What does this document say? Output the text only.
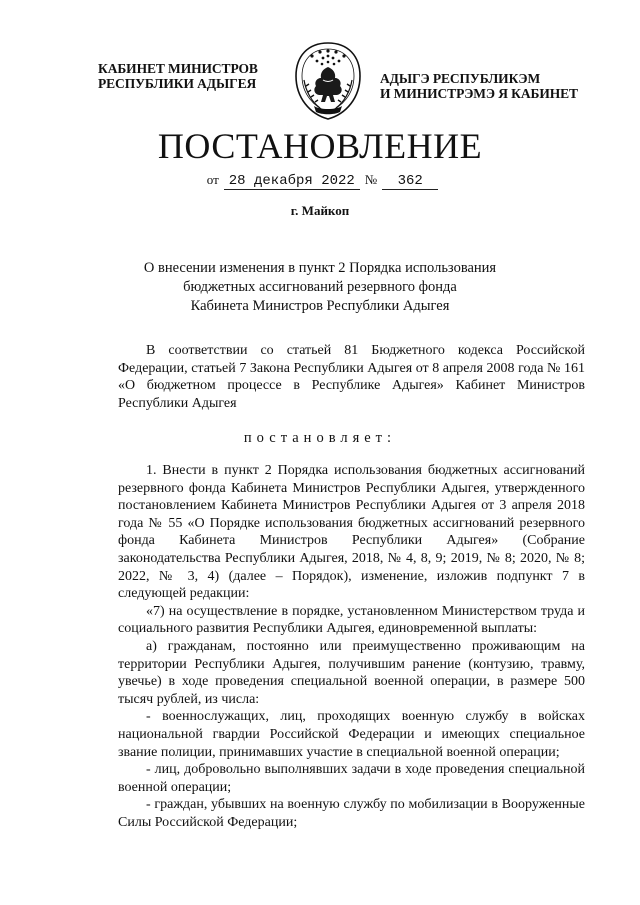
КАБИНЕТ МИНИСТРОВ
РЕСПУБЛИКИ АДЫГЕЯ	АДЫГЭ РЕСПУБЛИКЭМ
И МИНИСТРЭМЭ Я КАБИНЕТ
ПОСТАНОВЛЕНИЕ
от 28 декабря 2022 № 362
г. Майкоп
О внесении изменения в пункт 2 Порядка использования
бюджетных ассигнований резервного фонда
Кабинета Министров Республики Адыгея

В соответствии со статьей 81 Бюджетного кодекса Российской Федерации, статьей 7 Закона Республики Адыгея от 8 апреля 2008 года № 161 «О бюджетном процессе в Республике Адыгея» Кабинет Министров Республики Адыгея

постановляет:

1. Внести в пункт 2 Порядка использования бюджетных ассигнований резервного фонда Кабинета Министров Республики Адыгея, утвержденного постановлением Кабинета Министров Республики Адыгея от 3 апреля 2018 года № 55 «О Порядке использования бюджетных ассигнований резервного фонда Кабинета Министров Республики Адыгея» (Собрание законодательства Республики Адыгея, 2018, № 4, 8, 9; 2019, № 8; 2020, № 8; 2022, № 3, 4) (далее – Порядок), изменение, изложив подпункт 7 в следующей редакции:

«7) на осуществление в порядке, установленном Министерством труда и социального развития Республики Адыгея, единовременной выплаты:

а) гражданам, постоянно или преимущественно проживающим на территории Республики Адыгея, получившим ранение (контузию, травму, увечье) в ходе проведения специальной военной операции, в размере 500 тысяч рублей, из числа:

- военнослужащих, лиц, проходящих военную службу в войсках национальной гвардии Российской Федерации и имеющих специальное звание полиции, принимавших участие в специальной военной операции;

- лиц, добровольно выполнявших задачи в ходе проведения специальной военной операции;

- граждан, убывших на военную службу по мобилизации в Вооруженные Силы Российской Федерации;
